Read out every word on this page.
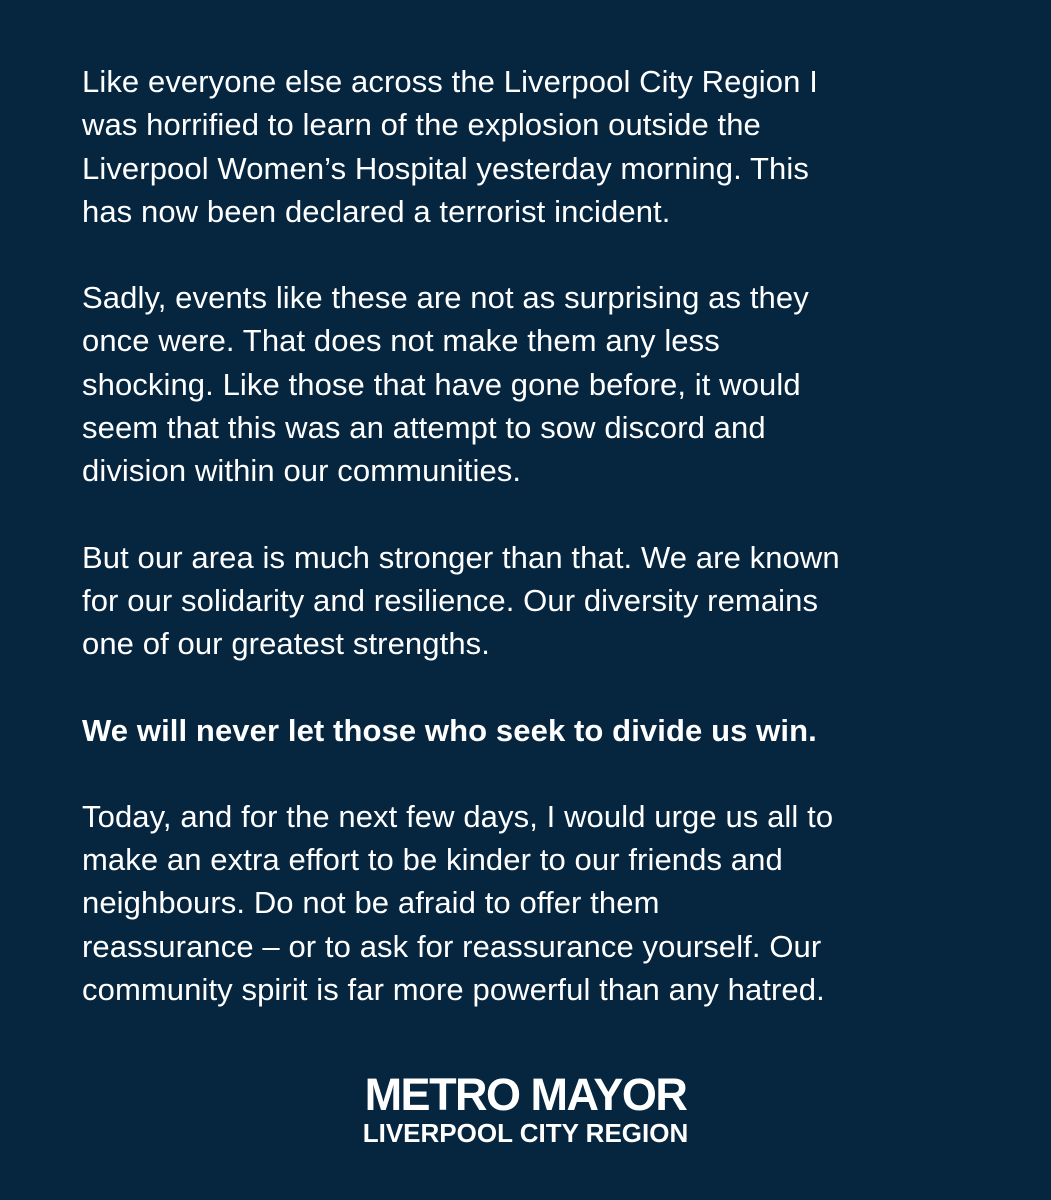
Like everyone else across the Liverpool City Region I
was horrified to learn of the explosion outside the
Liverpool Women’s Hospital yesterday morning. This
has now been declared a terrorist incident.

Sadly, events like these are not as surprising as they
once were. That does not make them any less
shocking. Like those that have gone before, it would
seem that this was an attempt to sow discord and
division within our communities.

But our area is much stronger than that. We are known
for our solidarity and resilience. Our diversity remains
one of our greatest strengths.

We will never let those who seek to divide us win.

Today, and for the next few days, I would urge us all to
make an extra effort to be kinder to our friends and
neighbours. Do not be afraid to offer them
reassurance – or to ask for reassurance yourself. Our
community spirit is far more powerful than any hatred.

METRO MAYOR
LIVERPOOL CITY REGION
